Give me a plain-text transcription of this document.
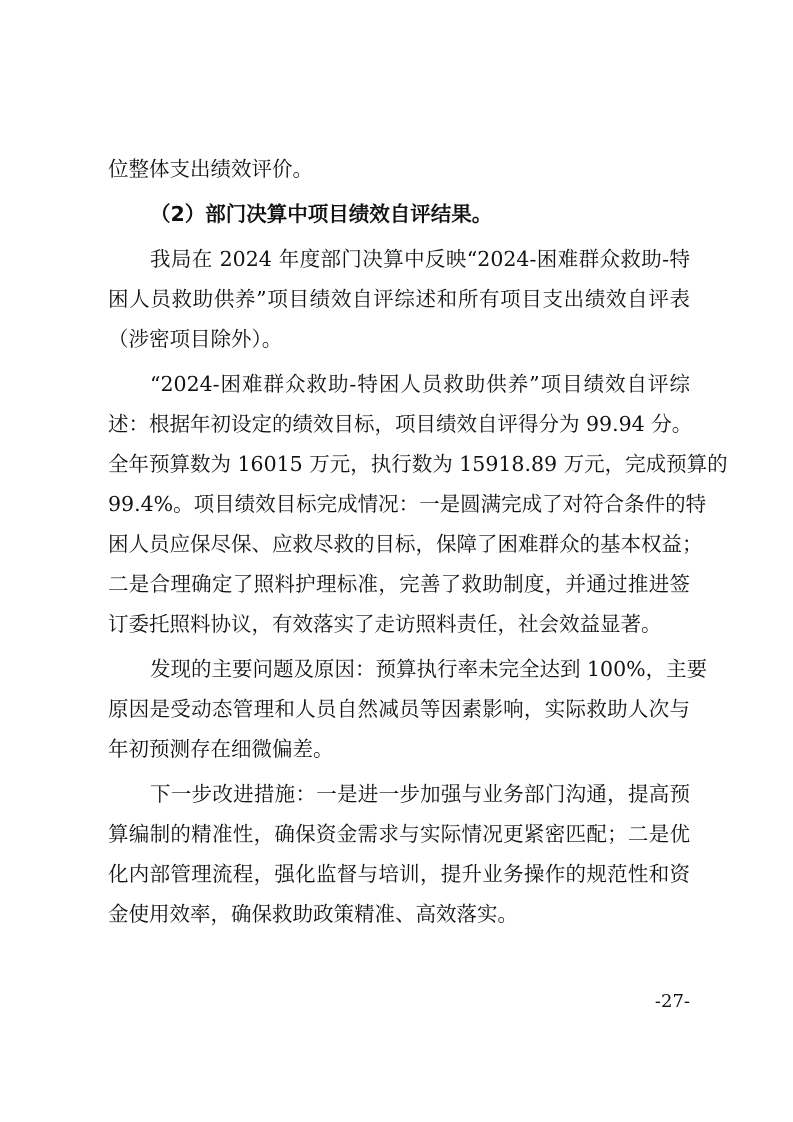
位整体支出绩效评价。
（2）部门决算中项目绩效自评结果。
我局在 2024 年度部门决算中反映“2024-困难群众救助-特
困人员救助供养”项目绩效自评综述和所有项目支出绩效自评表
（涉密项目除外）。
“2024-困难群众救助-特困人员救助供养”项目绩效自评综
述：根据年初设定的绩效目标，项目绩效自评得分为 99.94 分。
全年预算数为 16015 万元，执行数为 15918.89 万元，完成预算的
99.4%。项目绩效目标完成情况：一是圆满完成了对符合条件的特
困人员应保尽保、应救尽救的目标，保障了困难群众的基本权益；
二是合理确定了照料护理标准，完善了救助制度，并通过推进签
订委托照料协议，有效落实了走访照料责任，社会效益显著。
发现的主要问题及原因：预算执行率未完全达到 100%，主要
原因是受动态管理和人员自然减员等因素影响，实际救助人次与
年初预测存在细微偏差。
下一步改进措施：一是进一步加强与业务部门沟通，提高预
算编制的精准性，确保资金需求与实际情况更紧密匹配；二是优
化内部管理流程，强化监督与培训，提升业务操作的规范性和资
金使用效率，确保救助政策精准、高效落实。
-27-
